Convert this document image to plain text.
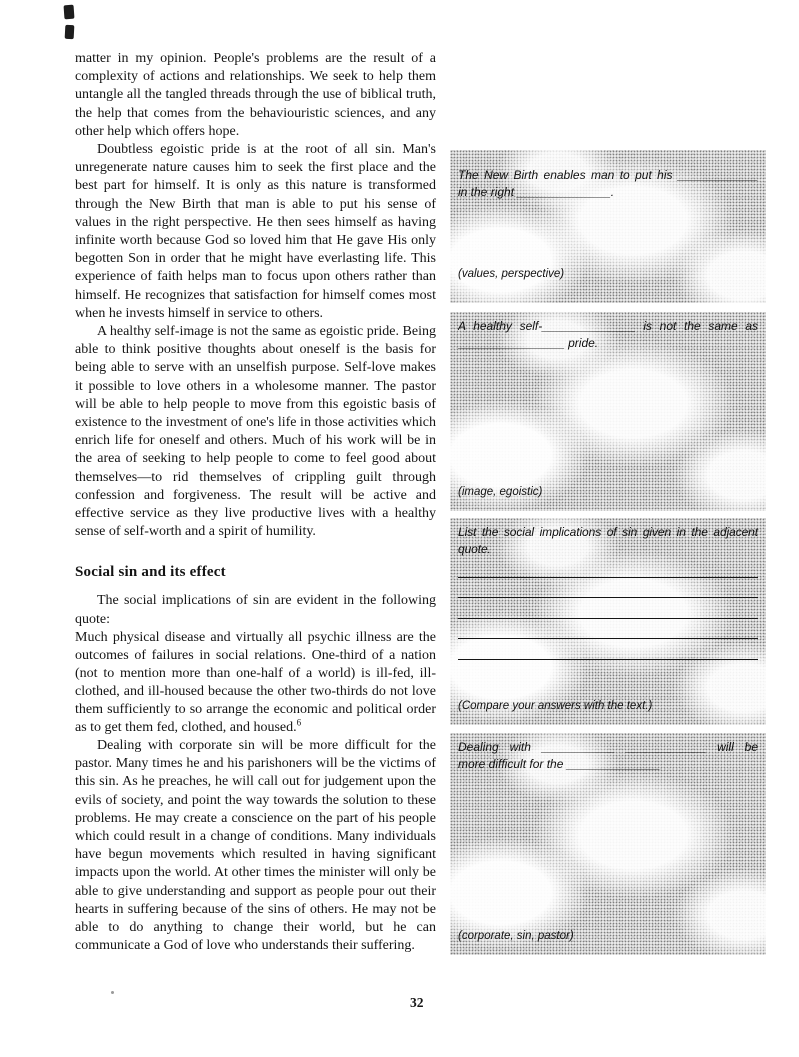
matter in my opinion. People's problems are the result of a complexity of actions and relationships. We seek to help them untangle all the tangled threads through the use of biblical truth, the help that comes from the behaviouristic sciences, and any other help which offers hope.

Doubtless egoistic pride is at the root of all sin. Man's unregenerate nature causes him to seek the first place and the best part for himself. It is only as this nature is transformed through the New Birth that man is able to put his sense of values in the right perspective. He then sees himself as having infinite worth because God so loved him that He gave His only begotten Son in order that he might have everlasting life. This experience of faith helps man to focus upon others rather than himself. He recognizes that satisfaction for himself comes most when he invests himself in service to others.

A healthy self-image is not the same as egoistic pride. Being able to think positive thoughts about oneself is the basis for being able to serve with an unselfish purpose. Self-love makes it possible to love others in a wholesome manner. The pastor will be able to help people to move from this egoistic basis of existence to the investment of one's life in those activities which enrich life for oneself and others. Much of his work will be in the area of seeking to help people to come to feel good about themselves—to rid themselves of crippling guilt through confession and forgiveness. The result will be active and effective service as they live productive lives with a healthy sense of self-worth and a spirit of humility.

Social sin and its effect

The social implications of sin are evident in the following quote:

Much physical disease and virtually all psychic illness are the outcomes of failures in social relations. One-third of a nation (not to mention more than one-half of a world) is ill-fed, ill-clothed, and ill-housed because the other two-thirds do not love them sufficiently to so arrange the economic and political order as to get them fed, clothed, and housed.$^6$

Dealing with corporate sin will be more difficult for the pastor. Many times he and his parishoners will be the victims of this sin. As he preaches, he will call out for judgement upon the evils of society, and point the way towards the solution to these problems. He may create a conscience on the part of his people which could result in a change of conditions. Many individuals have begun movements which resulted in having significant impacts upon the world. At other times the minister will only be able to give understanding and support as people pour out their hearts in suffering because of the sins of others. He may not be able to do anything to change their world, but he can communicate a God of love who understands their suffering.

The New Birth enables man to put his ____________
in the right ______________.
(values, perspective)
A healthy self-______________ is not the same as
________________ pride.
(image, egoistic)
List the social implications of sin given in the adjacent quote.
(Compare your answers with the text.)
Dealing with ___________ ____________ will be
more difficult for the ______________
(corporate, sin, pastor)
32
